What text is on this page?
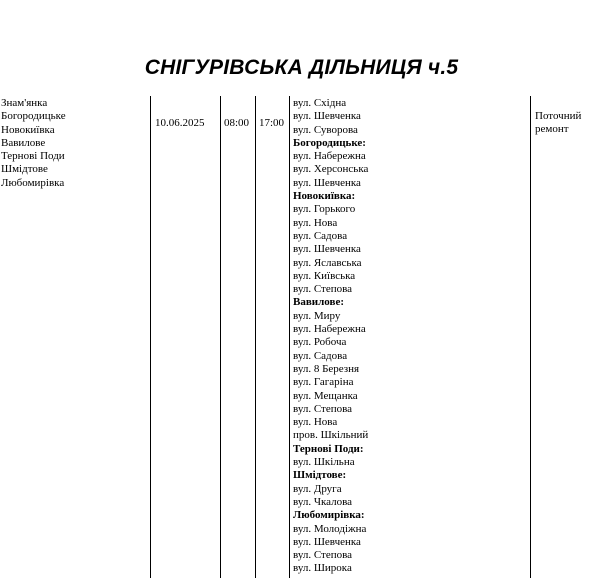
СНІГУРІВСЬКА ДІЛЬНИЦЯ ч.5
Знам'янка
Богородицьке
Новокиївка
Вавилове
Тернові Поди
Шмідтове
Любомирівка
10.06.2025 08:00 17:00
вул. Східна
вул. Шевченка
вул. Суворова
Богородицьке:
вул. Набережна
вул. Херсонська
вул. Шевченка
Новокиївка:
вул. Горького
вул. Нова
вул. Садова
вул. Шевченка
вул. Яславська
вул. Київська
вул. Степова
Вавилове:
вул. Миру
вул. Набережна
вул. Робоча
вул. Садова
вул. 8 Березня
вул. Гагаріна
вул. Мещанка
вул. Степова
вул. Нова
пров. Шкільний
Тернові Поди:
вул. Шкільна
Шмідтове:
вул. Друга
вул. Чкалова
Любомирівка:
вул. Молодіжна
вул. Шевченка
вул. Степова
вул. Широка
Поточний
ремонт
